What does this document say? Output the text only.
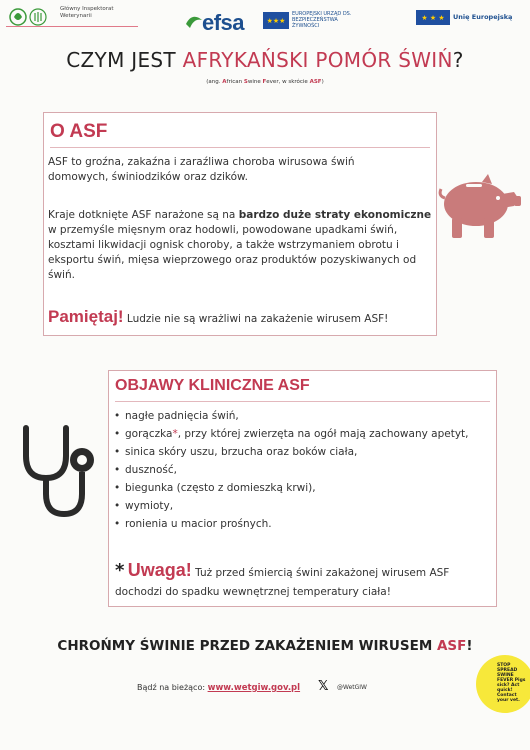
Główny Inspektorat Weterynarii	efsa	★★★
EUROPEJSKI URZĄD DS. BEZPIECZEŃSTWA ŻYWNOŚCI
★ ★ ★	Unię Europejską
CZYM JEST AFRYKAŃSKI POMÓR ŚWIŃ?
(ang. African Swine Fever, w skrócie ASF)
O ASF
ASF to groźna, zakaźna i zaraźliwa choroba wirusowa świń domowych, świniodzików oraz dzików.
Kraje dotknięte ASF narażone są na bardzo duże straty ekonomiczne w przemyśle mięsnym oraz hodowli, powodowane upadkami świń, kosztami likwidacji ognisk choroby, a także wstrzymaniem obrotu i eksportu świń, mięsa wieprzowego oraz produktów pozyskiwanych od świń.
Pamiętaj! Ludzie nie są wrażliwi na zakażenie wirusem ASF!
OBJAWY KLINICZNE ASF
• nagłe padnięcia świń,
• gorączka*, przy której zwierzęta na ogół mają zachowany apetyt,
• sinica skóry uszu, brzucha oraz boków ciała,
• duszność,
• biegunka (często z domieszką krwi),
• wymioty,
• ronienia u macior prośnych.
* Uwaga! Tuż przed śmiercią świni zakażonej wirusem ASF dochodzi do spadku wewnętrznej temperatury ciała!
CHROŃMY ŚWINIE PRZED ZAKAŻENIEM WIRUSEM ASF!
Bądź na bieżąco: www.wetgiw.gov.pl 𝕏 @WetGIW
STOP SPREAD SWINE FEVER Pigs sick? Act quick! Contact your vet.
